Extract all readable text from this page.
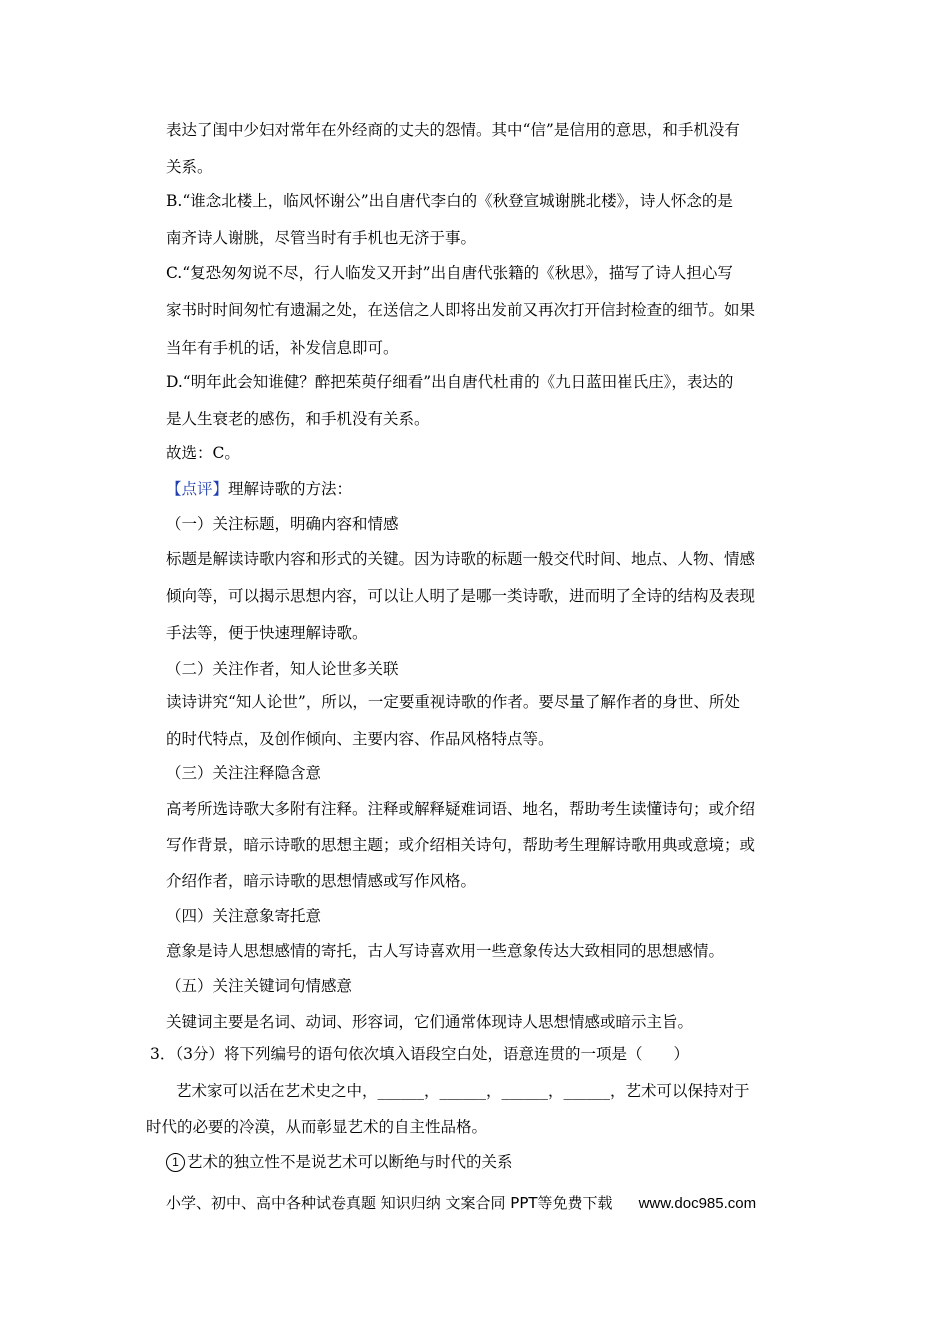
表达了闺中少妇对常年在外经商的丈夫的怨情。其中“信”是信用的意思，和手机没有
关系。
B.“谁念北楼上，临风怀谢公”出自唐代李白的《秋登宣城谢朓北楼》，诗人怀念的是
南齐诗人谢朓，尽管当时有手机也无济于事。
C.“复恐匆匆说不尽，行人临发又开封”出自唐代张籍的《秋思》，描写了诗人担心写
家书时时间匆忙有遗漏之处，在送信之人即将出发前又再次打开信封检查的细节。如果
当年有手机的话，补发信息即可。
D.“明年此会知谁健？醉把茱萸仔细看”出自唐代杜甫的《九日蓝田崔氏庄》，表达的
是人生衰老的感伤，和手机没有关系。
故选：C。
【点评】理解诗歌的方法：
（一）关注标题，明确内容和情感
标题是解读诗歌内容和形式的关键。因为诗歌的标题一般交代时间、地点、人物、情感
倾向等，可以揭示思想内容，可以让人明了是哪一类诗歌，进而明了全诗的结构及表现
手法等，便于快速理解诗歌。
（二）关注作者，知人论世多关联
读诗讲究“知人论世”，所以，一定要重视诗歌的作者。要尽量了解作者的身世、所处
的时代特点，及创作倾向、主要内容、作品风格特点等。
（三）关注注释隐含意
高考所选诗歌大多附有注释。注释或解释疑难词语、地名，帮助考生读懂诗句；或介绍
写作背景，暗示诗歌的思想主题；或介绍相关诗句，帮助考生理解诗歌用典或意境；或
介绍作者，暗示诗歌的思想情感或写作风格。
（四）关注意象寄托意
意象是诗人思想感情的寄托，古人写诗喜欢用一些意象传达大致相同的思想感情。
（五）关注关键词句情感意
关键词主要是名词、动词、形容词，它们通常体现诗人思想情感或暗示主旨。
3．（3分）将下列编号的语句依次填入语段空白处，语意连贯的一项是（　　）
艺术家可以活在艺术史之中，______，______，______，______，艺术可以保持对于
时代的必要的冷漠，从而彰显艺术的自主性品格。
1 艺术的独立性不是说艺术可以断绝与时代的关系
小学、初中、高中各种试卷真题 知识归纳 文案合同 PPT等免费下载 www.doc985.com
